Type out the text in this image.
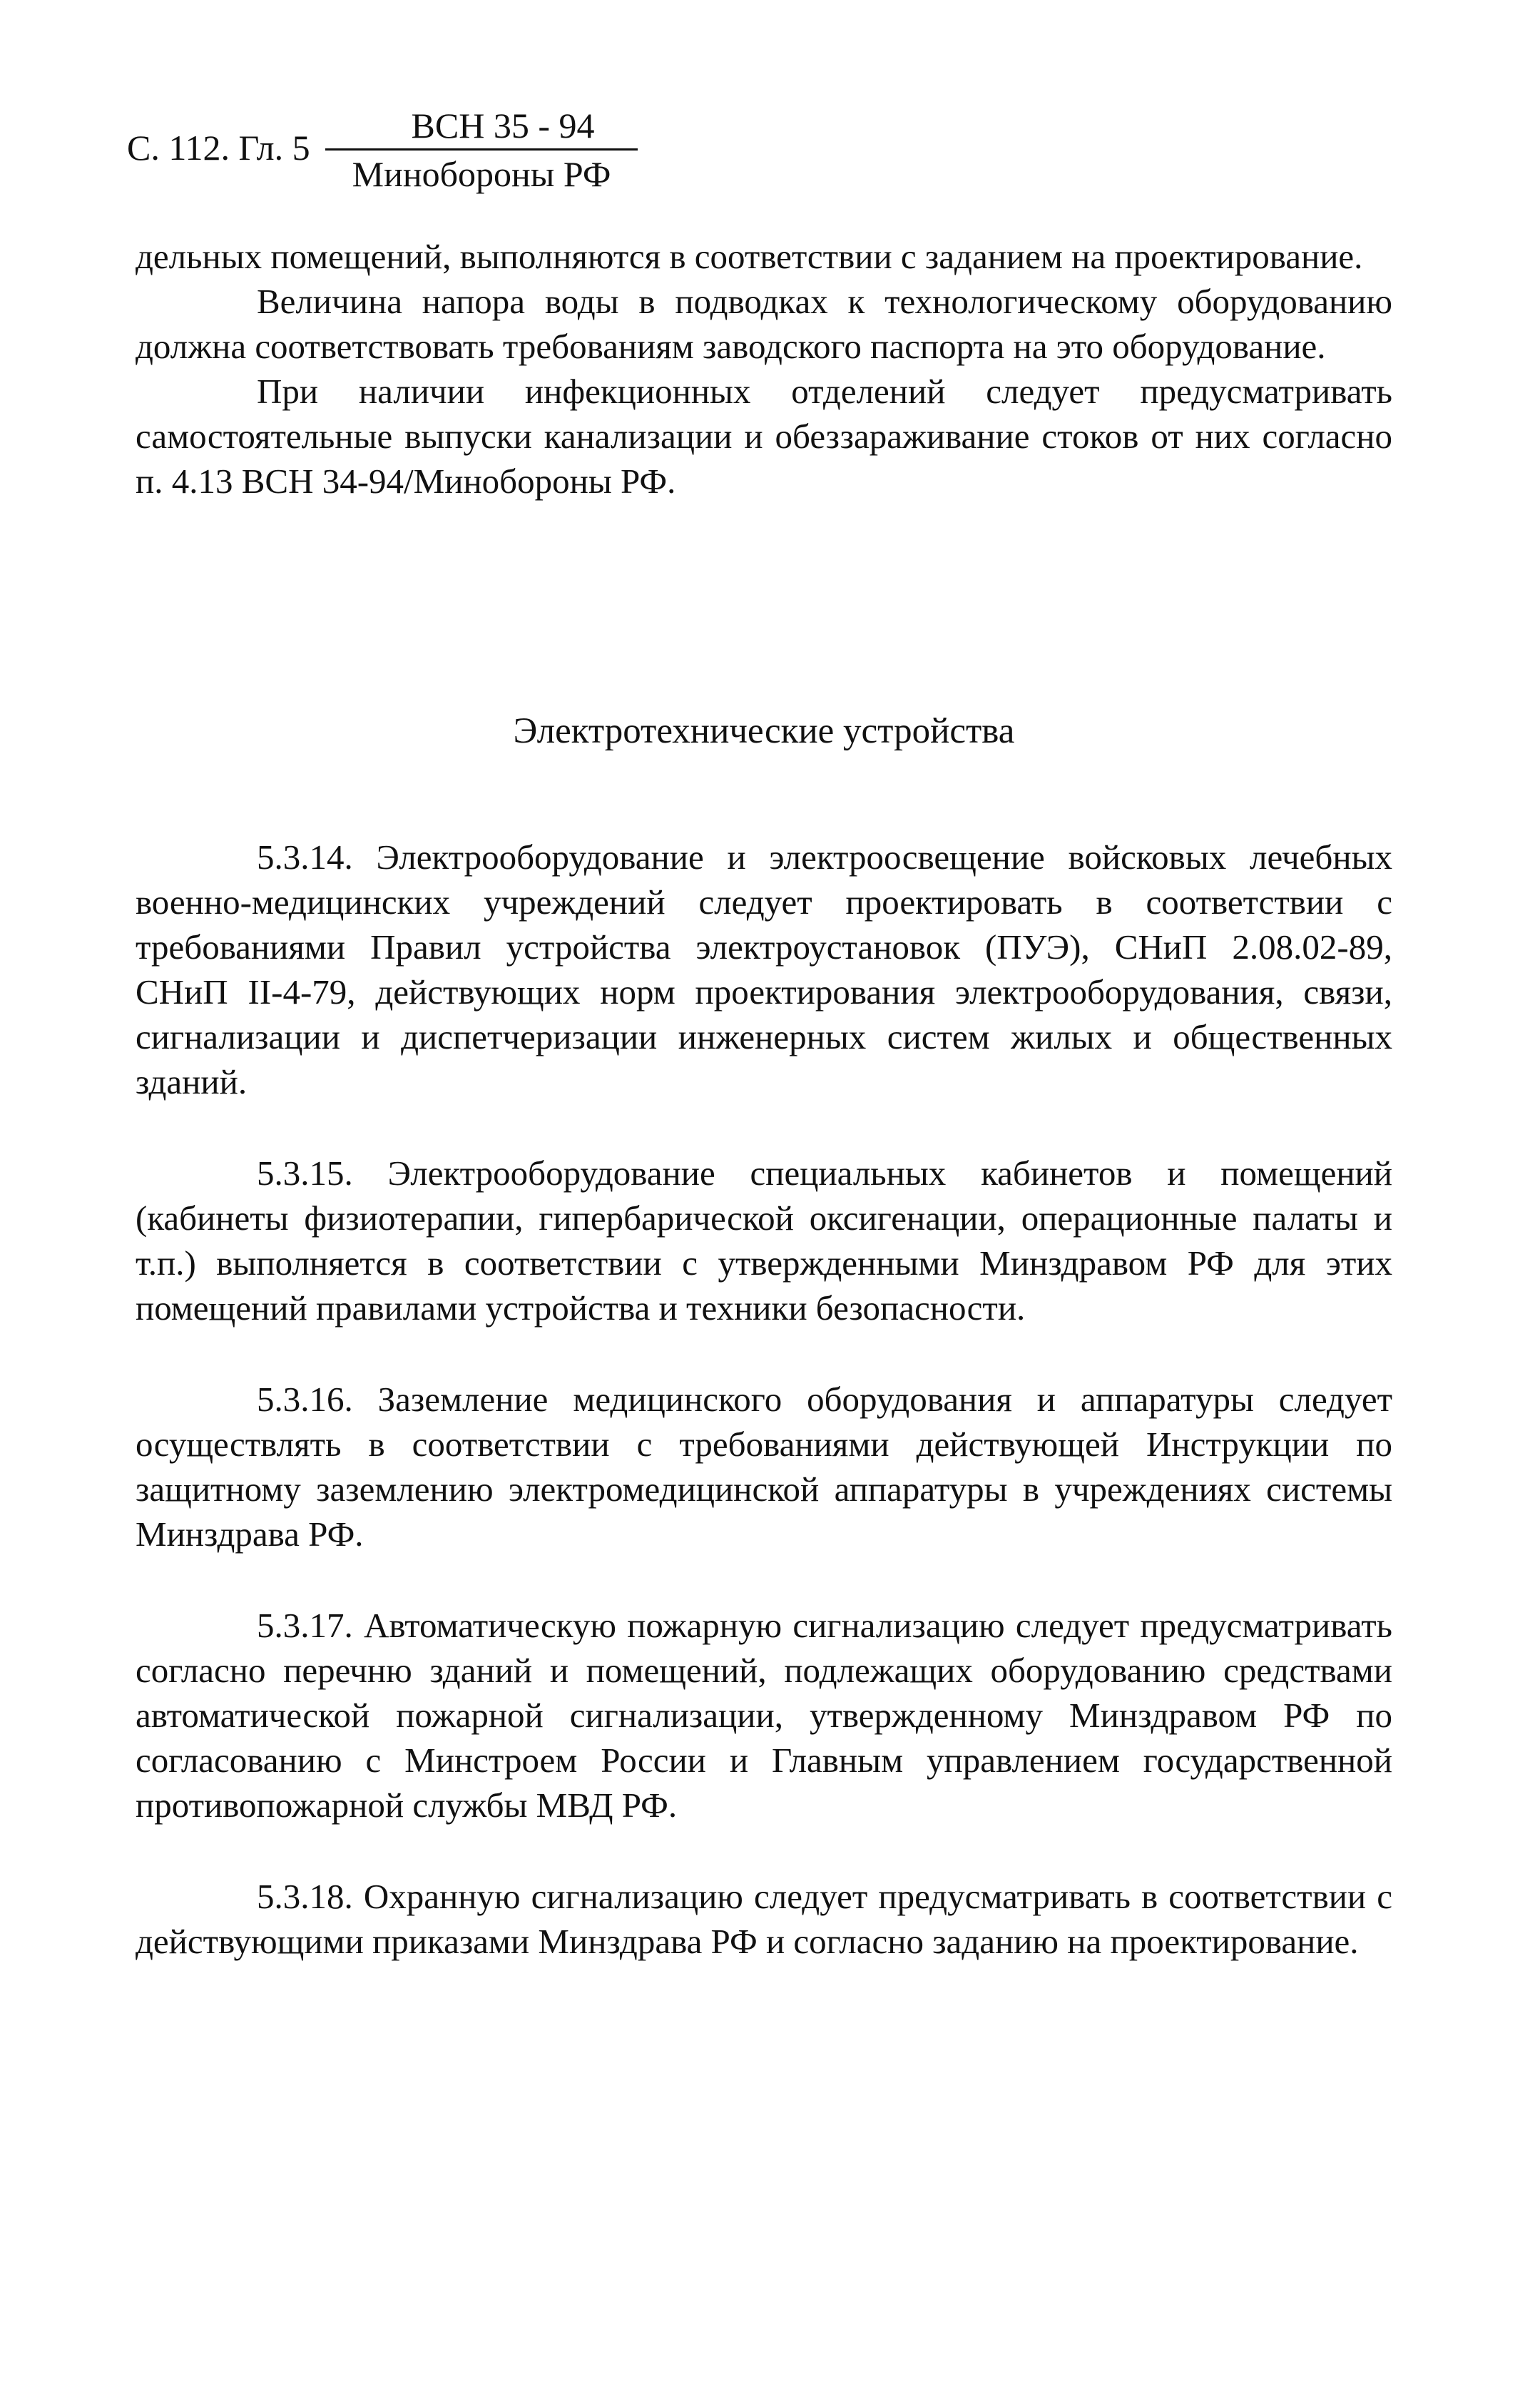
С. 112. Гл. 5
ВСН 35 - 94
Минобороны РФ

дельных помещений, выполняются в соответствии с заданием на проектирование.

Величина напора воды в подводках к технологическому оборудованию должна соответствовать требованиям заводского паспорта на это оборудование.

При наличии инфекционных отделений следует предусматривать самостоятельные выпуски канализации и обеззараживание стоков от них согласно п. 4.13 ВСН 34-94/Минобороны РФ.

Электротехнические устройства

5.3.14. Электрооборудование и электроосвещение войсковых лечебных военно-медицинских учреждений следует проектировать в соответствии с требованиями Правил устройства электроустановок (ПУЭ), СНиП 2.08.02-89, СНиП II-4-79, действующих норм проектирования электрооборудования, связи, сигнализации и диспетчеризации инженерных систем жилых и общественных зданий.

5.3.15. Электрооборудование специальных кабинетов и помещений (кабинеты физиотерапии, гипербарической оксигенации, операционные палаты и т.п.) выполняется в соответствии с утвержденными Минздравом РФ для этих помещений правилами устройства и техники безопасности.

5.3.16. Заземление медицинского оборудования и аппаратуры следует осуществлять в соответствии с требованиями действующей Инструкции по защитному заземлению электромедицинской аппаратуры в учреждениях системы Минздрава РФ.

5.3.17. Автоматическую пожарную сигнализацию следует предусматривать согласно перечню зданий и помещений, подлежащих оборудованию средствами автоматической пожарной сигнализации, утвержденному Минздравом РФ по согласованию с Минстроем России и Главным управлением государственной противопожарной службы МВД РФ.

5.3.18. Охранную сигнализацию следует предусматривать в соответствии с действующими приказами Минздрава РФ и согласно заданию на проектирование.
